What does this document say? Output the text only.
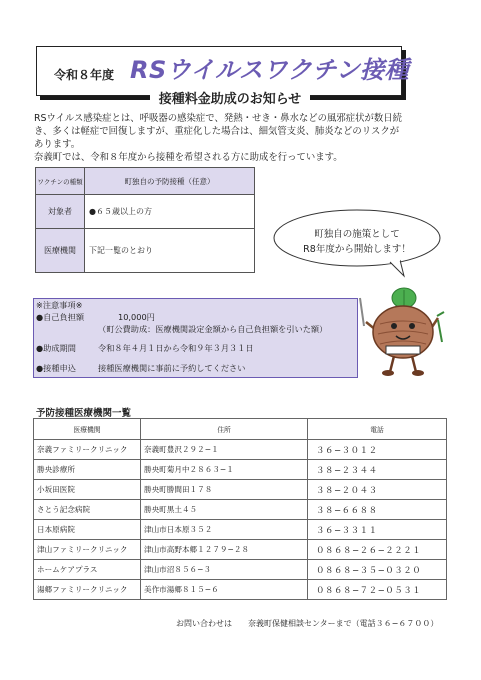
令和８年度 RSウイルスワクチン接種
接種料金助成のお知らせ
RSウイルス感染症とは、呼吸器の感染症で、発熱・せき・鼻水などの風邪症状が数日続
き、多くは軽症で回復しますが、重症化した場合は、細気管支炎、肺炎などのリスクが
あります。
奈義町では、令和８年度から接種を希望される方に助成を行っています。
ワクチンの種類	町独自の予防接種（任意）
対象者	●６５歳以上の方
医療機関	下記一覧のとおり
町独自の施策として
R8年度から開始します！
※注意事項※
●自己負担額	10,000円
（町公費助成：医療機関設定金額から自己負担額を引いた額）
●助成期間	令和８年４月１日から令和９年３月３１日
●接種申込	接種医療機関に事前に予約してください
予防接種医療機関一覧
医療機関	住所	電話
奈義ファミリークリニック	奈義町豊沢２９２−１	３６−３０１２
勝央診療所	勝央町菊月中２８６３−１	３８−２３４４
小坂田医院	勝央町勝間田１７８	３８−２０４３
さとう記念病院	勝央町黒土４５	３８−６６８８
日本原病院	津山市日本原３５２	３６−３３１１
津山ファミリークリニック	津山市高野本郷１２７９−２８	０８６８−２６−２２２１
ホームケアプラス	津山市沼８５６−３	０８６８−３５−０３２０
湯郷ファミリークリニック	美作市湯郷８１５−６	０８６８−７２−０５３１
お問い合わせは　　奈義町保健相談センターまで（電話３６−６７００）
